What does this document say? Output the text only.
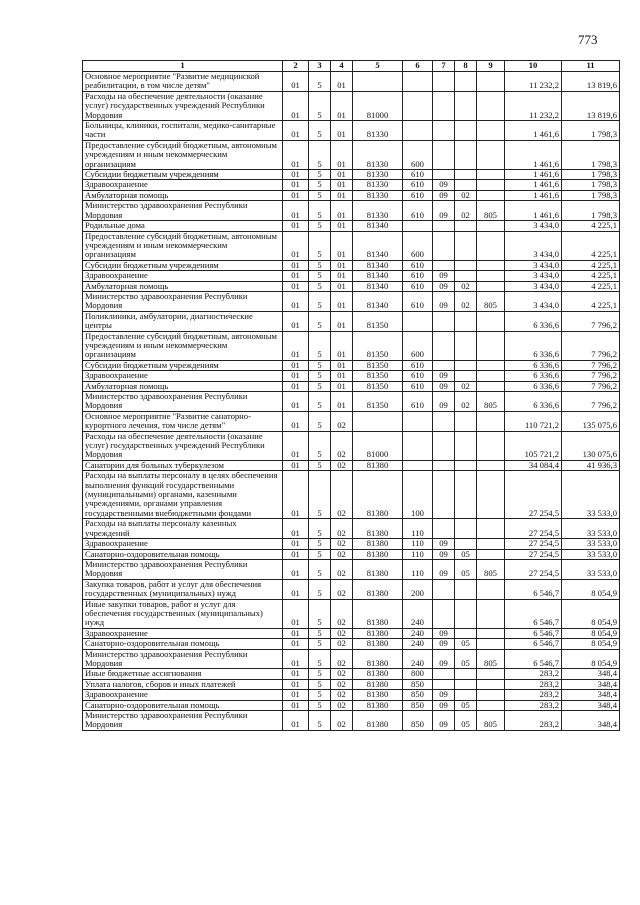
773
1	2	3	4	5	6	7	8	9	10	11
Основное мероприятие "Развитие медицинской реабилитации, в том числе детям"	01	5	01						11 232,2	13 819,6
Расходы на обеспечение деятельности (оказание услуг) государственных учреждений Республики Мордовия	01	5	01	81000					11 232,2	13 819,6
Больницы, клиники, госпитали, медико-санитарные части	01	5	01	81330					1 461,6	1 798,3
Предоставление субсидий бюджетным, автономным учреждениям и иным некоммерческим организациям	01	5	01	81330	600				1 461,6	1 798,3
Субсидии бюджетным учреждениям	01	5	01	81330	610				1 461,6	1 798,3
Здравоохранение	01	5	01	81330	610	09			1 461,6	1 798,3
Амбулаторная помощь	01	5	01	81330	610	09	02		1 461,6	1 798,3
Министерство здравоохранения Республики Мордовия	01	5	01	81330	610	09	02	805	1 461,6	1 798,3
Родильные дома	01	5	01	81340					3 434,0	4 225,1
Предоставление субсидий бюджетным, автономным учреждениям и иным некоммерческим организациям	01	5	01	81340	600				3 434,0	4 225,1
Субсидии бюджетным учреждениям	01	5	01	81340	610				3 434,0	4 225,1
Здравоохранение	01	5	01	81340	610	09			3 434,0	4 225,1
Амбулаторная помощь	01	5	01	81340	610	09	02		3 434,0	4 225,1
Министерство здравоохранения Республики Мордовия	01	5	01	81340	610	09	02	805	3 434,0	4 225,1
Поликлиники, амбулатории, диагностические центры	01	5	01	81350					6 336,6	7 796,2
Предоставление субсидий бюджетным, автономным учреждениям и иным некоммерческим организациям	01	5	01	81350	600				6 336,6	7 796,2
Субсидии бюджетным учреждениям	01	5	01	81350	610				6 336,6	7 796,2
Здравоохранение	01	5	01	81350	610	09			6 336,6	7 796,2
Амбулаторная помощь	01	5	01	81350	610	09	02		6 336,6	7 796,2
Министерство здравоохранения Республики Мордовия	01	5	01	81350	610	09	02	805	6 336,6	7 796,2
Основное мероприятие "Развитие санаторно-курортного лечения, том числе детям"	01	5	02						110 721,2	135 075,6
Расходы на обеспечение деятельности (оказание услуг) государственных учреждений Республики Мордовия	01	5	02	81000					105 721,2	130 075,6
Санатории для больных туберкулезом	01	5	02	81380					34 084,4	41 936,3
Расходы на выплаты персоналу в целях обеспечения выполнения функций государственными (муниципальными) органами, казенными учреждениями, органами управления государственными внебюджетными фондами	01	5	02	81380	100				27 254,5	33 533,0
Расходы на выплаты персоналу казенных учреждений	01	5	02	81380	110				27 254,5	33 533,0
Здравоохранение	01	5	02	81380	110	09			27 254,5	33 533,0
Санаторно-оздоровительная помощь	01	5	02	81380	110	09	05		27 254,5	33 533,0
Министерство здравоохранения Республики Мордовия	01	5	02	81380	110	09	05	805	27 254,5	33 533,0
Закупка товаров, работ и услуг для обеспечения государственных (муниципальных) нужд	01	5	02	81380	200				6 546,7	8 054,9
Иные закупки товаров, работ и услуг для обеспечения государственных (муниципальных) нужд	01	5	02	81380	240				6 546,7	8 054,9
Здравоохранение	01	5	02	81380	240	09			6 546,7	8 054,9
Санаторно-оздоровительная помощь	01	5	02	81380	240	09	05		6 546,7	8 054,9
Министерство здравоохранения Республики Мордовия	01	5	02	81380	240	09	05	805	6 546,7	8 054,9
Иные бюджетные ассигнования	01	5	02	81380	800				283,2	348,4
Уплата налогов, сборов и иных платежей	01	5	02	81380	850				283,2	348,4
Здравоохранение	01	5	02	81380	850	09			283,2	348,4
Санаторно-оздоровительная помощь	01	5	02	81380	850	09	05		283,2	348,4
Министерство здравоохранения Республики Мордовия	01	5	02	81380	850	09	05	805	283,2	348,4
